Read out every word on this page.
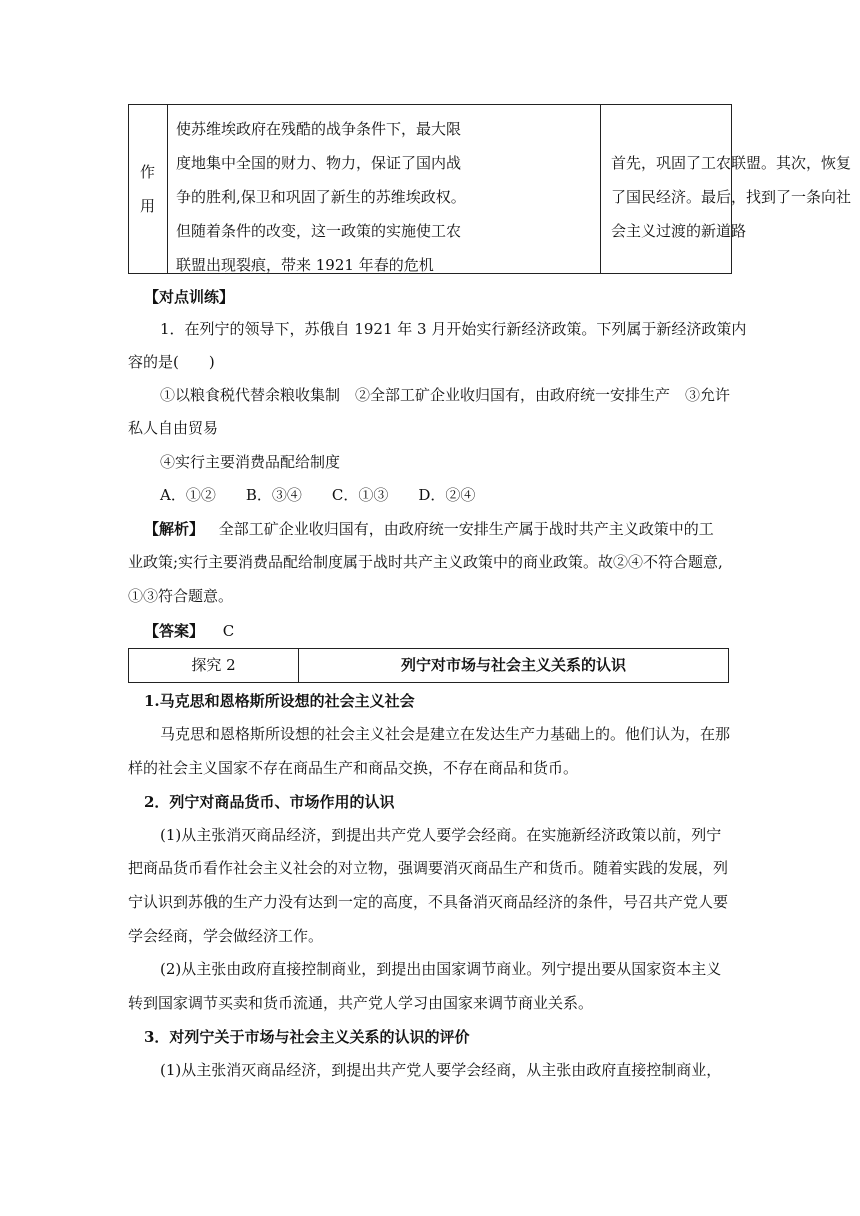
作
用
使苏维埃政府在残酷的战争条件下，最大限
度地集中全国的财力、物力，保证了国内战
争的胜利,保卫和巩固了新生的苏维埃政权。
但随着条件的改变，这一政策的实施使工农
联盟出现裂痕，带来 1921 年春的危机
首先，巩固了工农联盟。其次，恢复
了国民经济。最后，找到了一条向社
会主义过渡的新道路
【对点训练】
1．在列宁的领导下，苏俄自 1921 年 3 月开始实行新经济政策。下列属于新经济政策内
容的是(　　)
①以粮食税代替余粮收集制　②全部工矿企业收归国有，由政府统一安排生产　③允许
私人自由贸易
④实行主要消费品配给制度
A．①②　　B．③④　　C．①③　　D．②④
【解析】 全部工矿企业收归国有，由政府统一安排生产属于战时共产主义政策中的工
业政策;实行主要消费品配给制度属于战时共产主义政策中的商业政策。故②④不符合题意,
①③符合题意。
【答案】 C
探究 2	列宁对市场与社会主义关系的认识
1.马克思和恩格斯所设想的社会主义社会
马克思和恩格斯所设想的社会主义社会是建立在发达生产力基础上的。他们认为，在那
样的社会主义国家不存在商品生产和商品交换，不存在商品和货币。
2．列宁对商品货币、市场作用的认识
(1)从主张消灭商品经济，到提出共产党人要学会经商。在实施新经济政策以前，列宁
把商品货币看作社会主义社会的对立物，强调要消灭商品生产和货币。随着实践的发展，列
宁认识到苏俄的生产力没有达到一定的高度，不具备消灭商品经济的条件，号召共产党人要
学会经商，学会做经济工作。
(2)从主张由政府直接控制商业，到提出由国家调节商业。列宁提出要从国家资本主义
转到国家调节买卖和货币流通，共产党人学习由国家来调节商业关系。
3．对列宁关于市场与社会主义关系的认识的评价
(1)从主张消灭商品经济，到提出共产党人要学会经商，从主张由政府直接控制商业，
